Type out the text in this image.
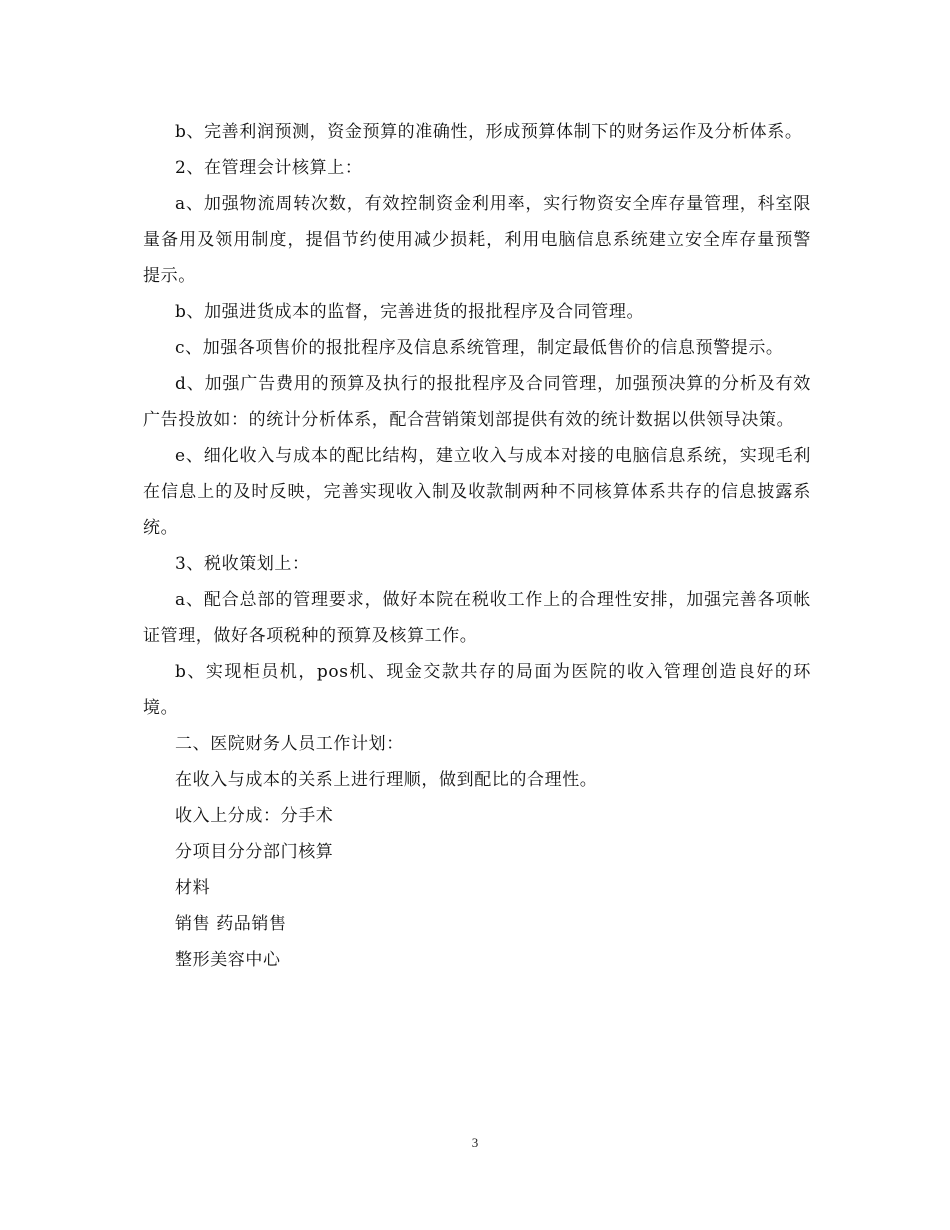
b、完善利润预测，资金预算的准确性，形成预算体制下的财务运作及分析体系。

2、在管理会计核算上：

a、加强物流周转次数，有效控制资金利用率，实行物资安全库存量管理，科室限量备用及领用制度，提倡节约使用减少损耗，利用电脑信息系统建立安全库存量预警提示。

b、加强进货成本的监督，完善进货的报批程序及合同管理。

c、加强各项售价的报批程序及信息系统管理，制定最低售价的信息预警提示。

d、加强广告费用的预算及执行的报批程序及合同管理，加强预决算的分析及有效广告投放如：的统计分析体系，配合营销策划部提供有效的统计数据以供领导决策。

e、细化收入与成本的配比结构，建立收入与成本对接的电脑信息系统，实现毛利在信息上的及时反映，完善实现收入制及收款制两种不同核算体系共存的信息披露系统。

3、税收策划上：

a、配合总部的管理要求，做好本院在税收工作上的合理性安排，加强完善各项帐证管理，做好各项税种的预算及核算工作。

b、实现柜员机，pos机、现金交款共存的局面为医院的收入管理创造良好的环境。

二、医院财务人员工作计划：

在收入与成本的关系上进行理顺，做到配比的合理性。

收入上分成：分手术

分项目分分部门核算

材料

销售 药品销售

整形美容中心

3
